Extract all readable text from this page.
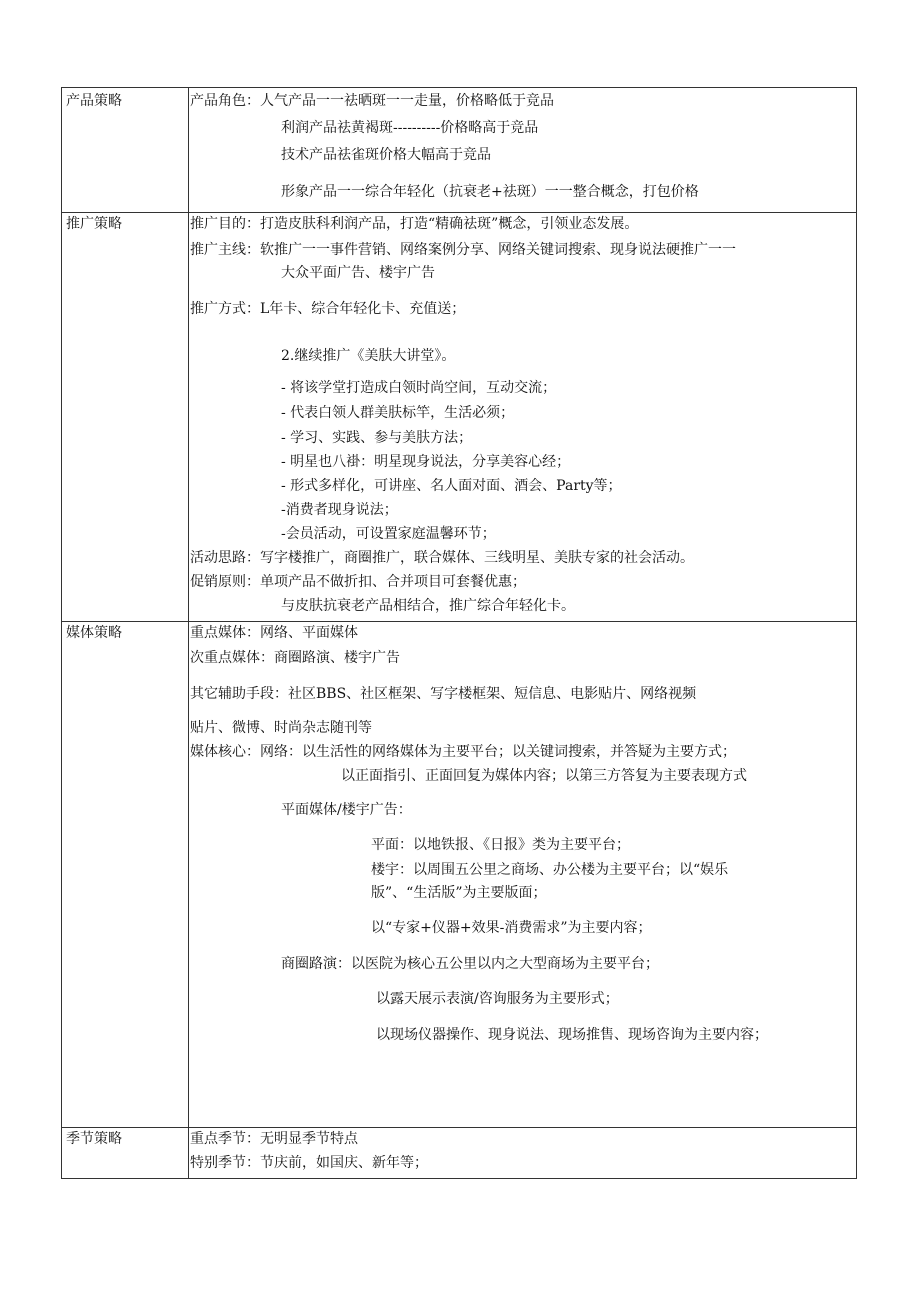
产品策略	产品角色：人气产品一一祛晒斑一一走量，价格略低于竞品
利润产品祛黄褐斑----------价格略高于竞品
技术产品祛雀斑价格大幅高于竞品
形象产品一一综合年轻化（抗衰老+祛斑）一一整合概念，打包价格
推广策略	推广目的：打造皮肤科利润产品，打造“精确祛斑”概念，引领业态发展。
推广主线：软推广一一事件营销、网络案例分享、网络关键词搜索、现身说法硬推广一一
大众平面广告、楼宇广告
推广方式：L年卡、综合年轻化卡、充值送；
2.继续推广《美肤大讲堂》。
- 将该学堂打造成白领时尚空间，互动交流；
- 代表白领人群美肤标竿，生活必须；
- 学习、实践、参与美肤方法；
- 明星也八褂：明星现身说法，分享美容心经；
- 形式多样化，可讲座、名人面对面、酒会、Party等；
-消费者现身说法；
-会员活动，可设置家庭温馨环节；
活动思路：写字楼推广，商圈推广，联合媒体、三线明星、美肤专家的社会活动。
促销原则：单项产品不做折扣、合并项目可套餐优惠；
与皮肤抗衰老产品相结合，推广综合年轻化卡。
媒体策略	重点媒体：网络、平面媒体
次重点媒体：商圈路演、楼宇广告
其它辅助手段：社区BBS、社区框架、写字楼框架、短信息、电影贴片、网络视频
贴片、微博、时尚杂志随刊等
媒体核心：网络：以生活性的网络媒体为主要平台；以关键词搜索，并答疑为主要方式；
以正面指引、正面回复为媒体内容；以第三方答复为主要表现方式
平面媒体/楼宇广告：
平面：以地铁报、《日报》类为主要平台；
楼宇：以周围五公里之商场、办公楼为主要平台；以“娱乐
版”、“生活版”为主要版面；
以“专家+仪器+效果-消费需求”为主要内容；
商圈路演：以医院为核心五公里以内之大型商场为主要平台；
以露天展示表演/咨询服务为主要形式；
以现场仪器操作、现身说法、现场推售、现场咨询为主要内容；
季节策略	重点季节：无明显季节特点
特别季节：节庆前，如国庆、新年等；
